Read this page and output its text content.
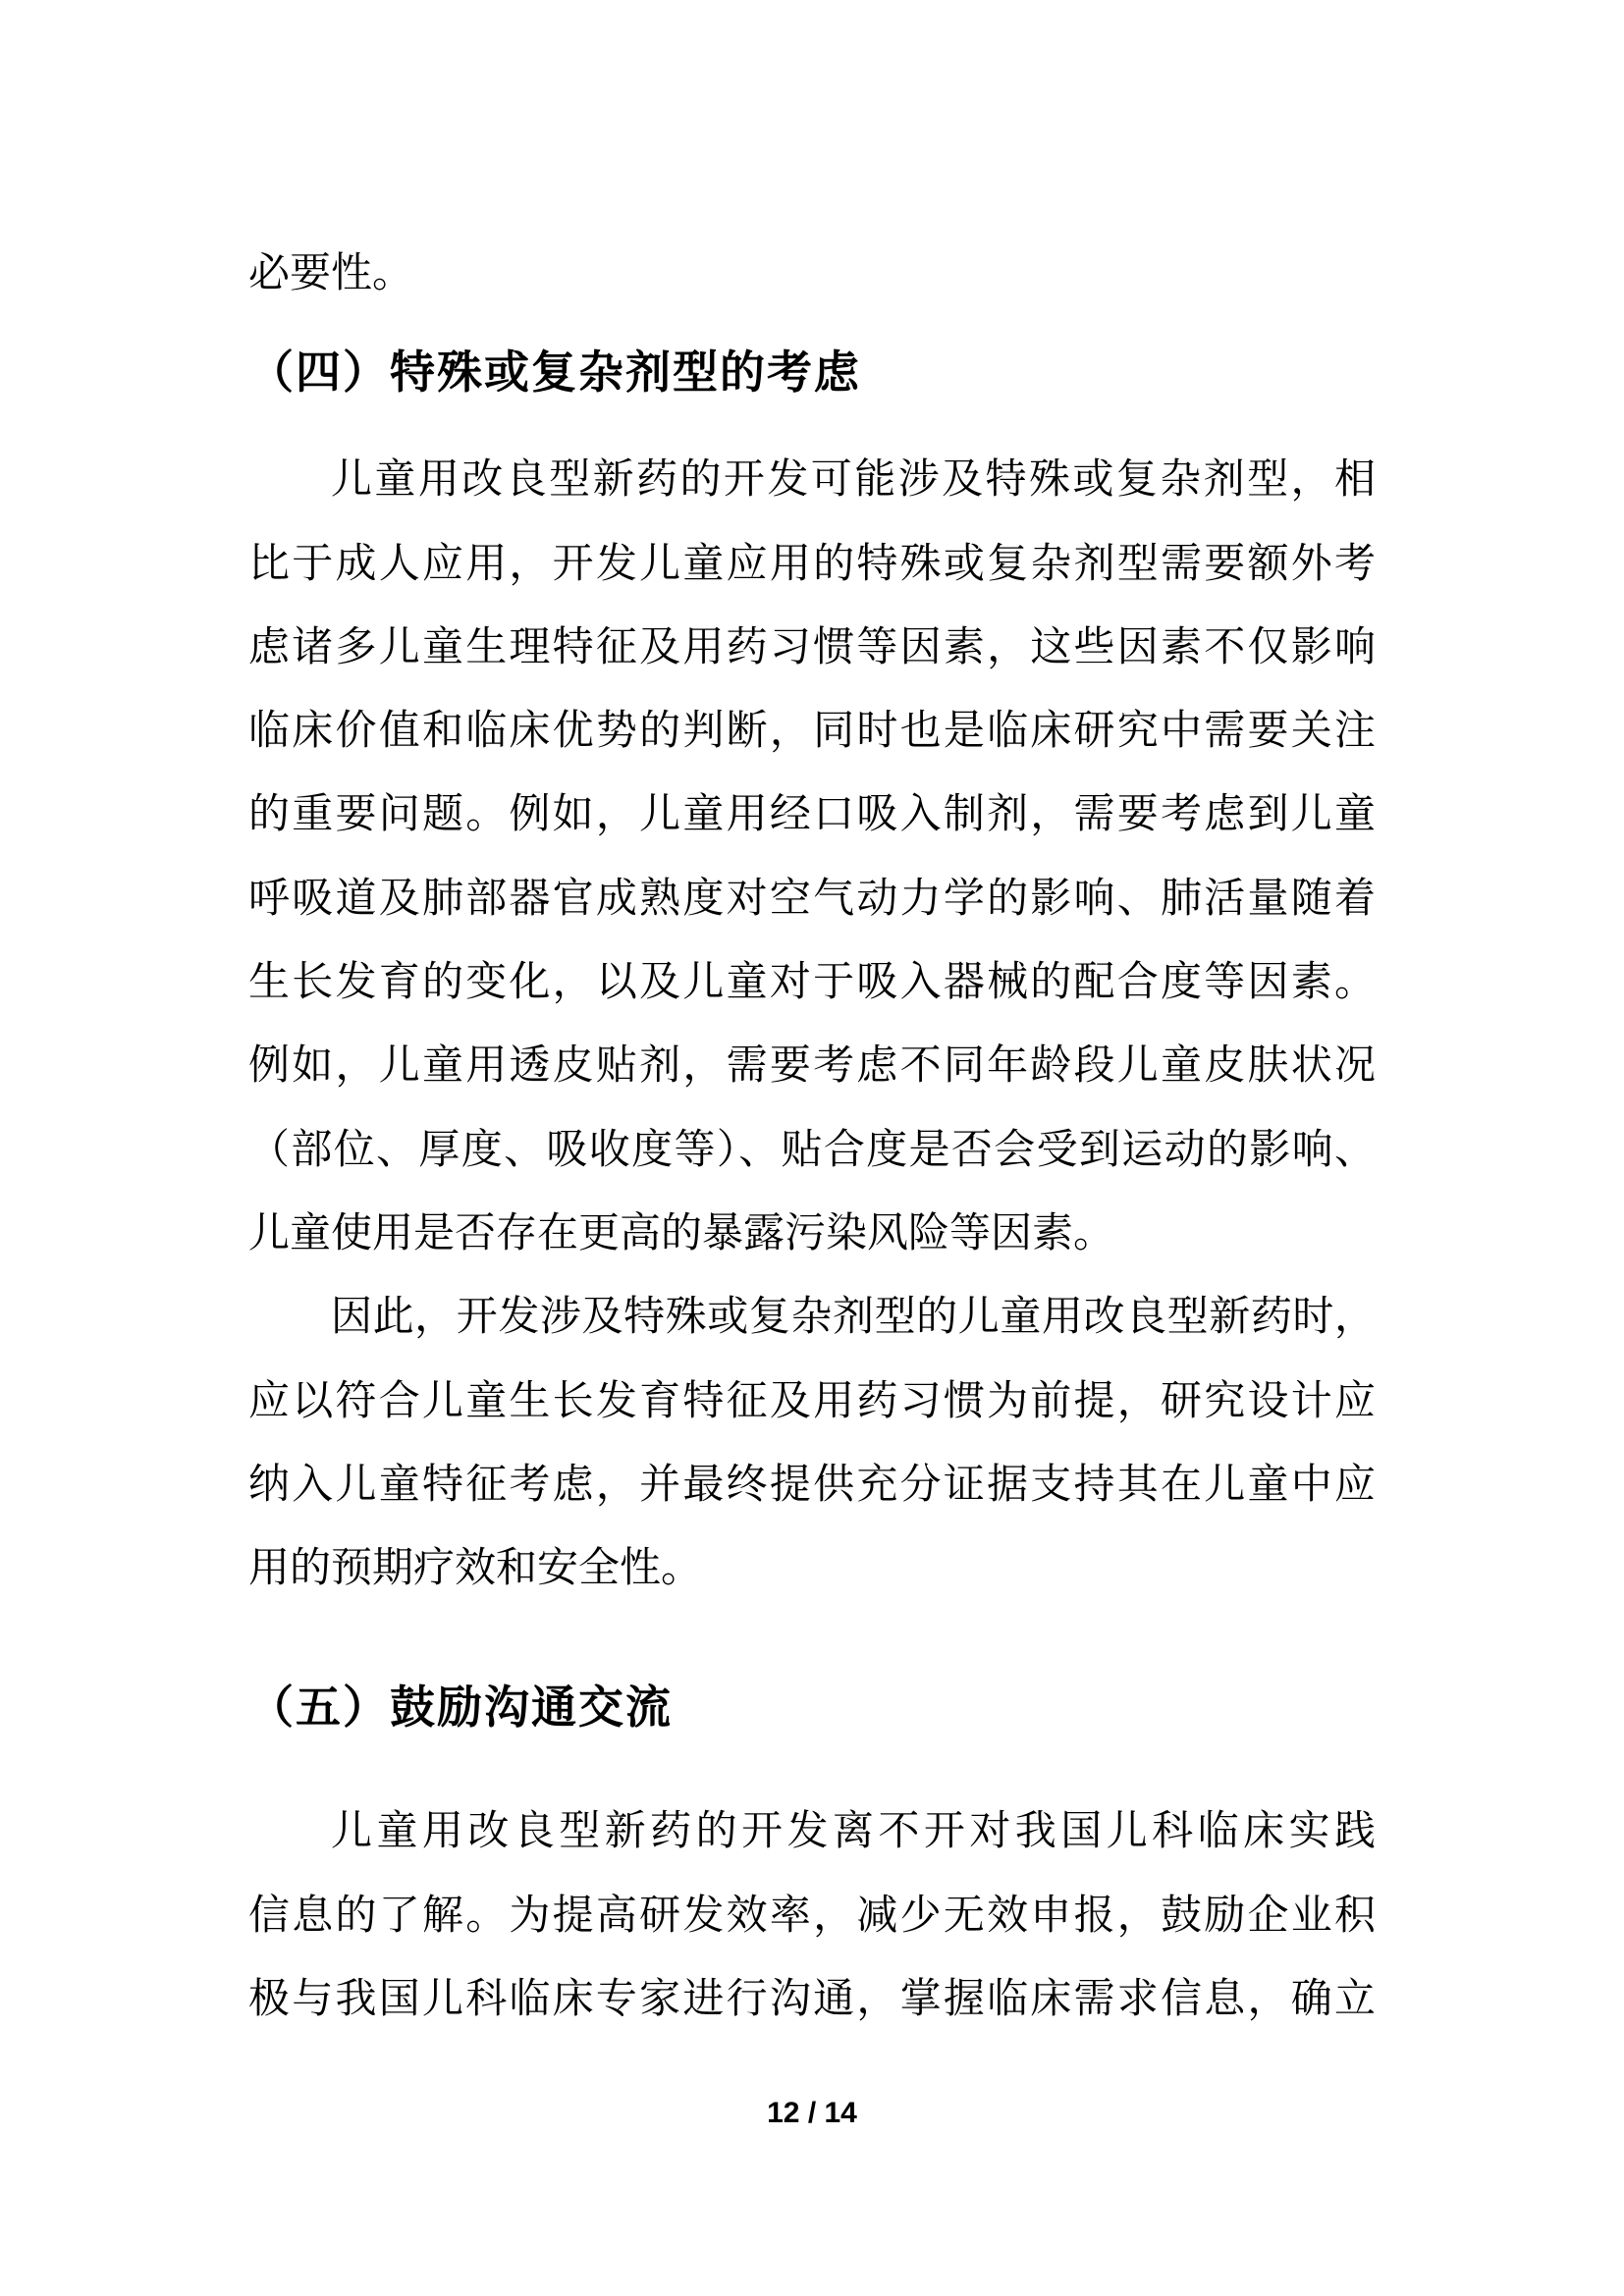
必要性。

（四）特殊或复杂剂型的考虑

儿童用改良型新药的开发可能涉及特殊或复杂剂型，相

比于成人应用，开发儿童应用的特殊或复杂剂型需要额外考

虑诸多儿童生理特征及用药习惯等因素，这些因素不仅影响

临床价值和临床优势的判断，同时也是临床研究中需要关注

的重要问题。例如，儿童用经口吸入制剂，需要考虑到儿童

呼吸道及肺部器官成熟度对空气动力学的影响、肺活量随着

生长发育的变化，以及儿童对于吸入器械的配合度等因素。

例如，儿童用透皮贴剂，需要考虑不同年龄段儿童皮肤状况

（部位、厚度、吸收度等）、贴合度是否会受到运动的影响、

儿童使用是否存在更高的暴露污染风险等因素。

因此，开发涉及特殊或复杂剂型的儿童用改良型新药时，

应以符合儿童生长发育特征及用药习惯为前提，研究设计应

纳入儿童特征考虑，并最终提供充分证据支持其在儿童中应

用的预期疗效和安全性。

（五）鼓励沟通交流

儿童用改良型新药的开发离不开对我国儿科临床实践

信息的了解。为提高研发效率，减少无效申报，鼓励企业积

极与我国儿科临床专家进行沟通，掌握临床需求信息，确立

12 / 14
